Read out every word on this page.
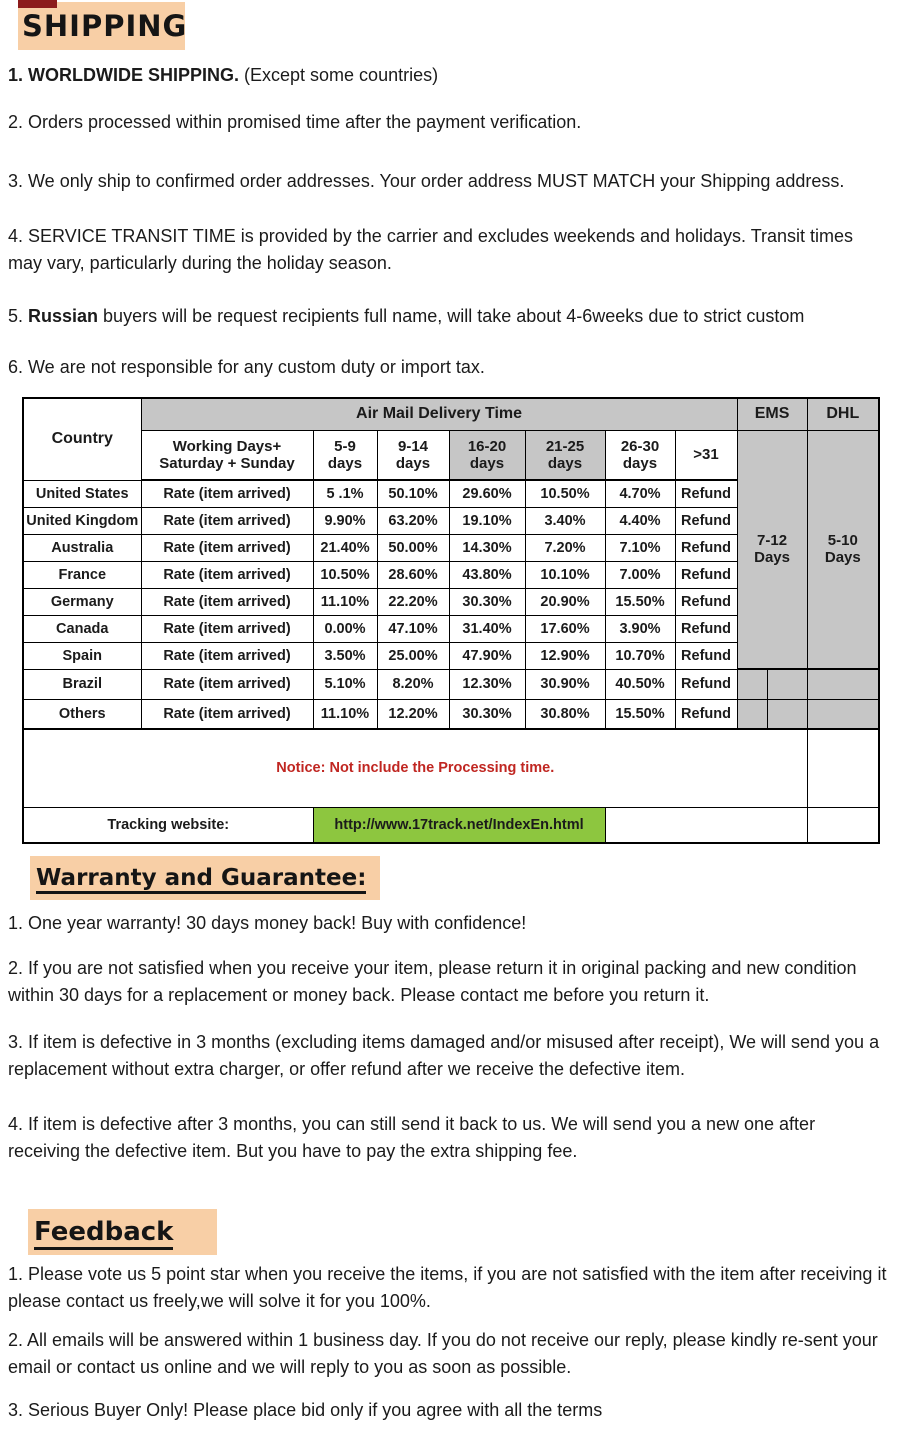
SHIPPING

1. WORLDWIDE SHIPPING. (Except some countries)

2. Orders processed within promised time after the payment verification.

3. We only ship to confirmed order addresses. Your order address MUST MATCH your Shipping address.

4. SERVICE TRANSIT TIME is provided by the carrier and excludes weekends and holidays. Transit times may vary, particularly during the holiday season.

5. Russian buyers will be request recipients full name, will take about 4-6weeks due to strict custom

6. We are not responsible for any custom duty or import tax.

Country	Air Mail Delivery Time							EMS		DHL
	Working Days+ Saturday + Sunday	5-9 days	9-14 days	16-20 days	21-25 days	26-30 days	>31	7-12 Days		5-10 Days
United States	Rate (item arrived)	5 .1%	50.10%	29.60%	10.50%	4.70%	Refund			
United Kingdom	Rate (item arrived)	9.90%	63.20%	19.10%	3.40%	4.40%	Refund			
Australia	Rate (item arrived)	21.40%	50.00%	14.30%	7.20%	7.10%	Refund			
France	Rate (item arrived)	10.50%	28.60%	43.80%	10.10%	7.00%	Refund			
Germany	Rate (item arrived)	11.10%	22.20%	30.30%	20.90%	15.50%	Refund			
Canada	Rate (item arrived)	0.00%	47.10%	31.40%	17.60%	3.90%	Refund			
Spain	Rate (item arrived)	3.50%	25.00%	47.90%	12.90%	10.70%	Refund			
Brazil	Rate (item arrived)	5.10%	8.20%	12.30%	30.90%	40.50%	Refund			
Others	Rate (item arrived)	11.10%	12.20%	30.30%	30.80%	15.50%	Refund			
Notice: Not include the Processing time.										
Tracking website:		http://www.17track.net/IndexEn.html								
Warranty and Guarantee:

1. One year warranty! 30 days money back! Buy with confidence!

2. If you are not satisfied when you receive your item, please return it in original packing and new condition within 30 days for a replacement or money back. Please contact me before you return it.

3. If item is defective in 3 months (excluding items damaged and/or misused after receipt), We will send you a replacement without extra charger, or offer refund after we receive the defective item.

4. If item is defective after 3 months, you can still send it back to us. We will send you a new one after receiving the defective item. But you have to pay the extra shipping fee.

Feedback

1. Please vote us 5 point star when you receive the items, if you are not satisfied with the item after receiving it please contact us freely,we will solve it for you 100%.

2. All emails will be answered within 1 business day. If you do not receive our reply, please kindly re-sent your email or contact us online and we will reply to you as soon as possible.

3. Serious Buyer Only! Please place bid only if you agree with all the terms
